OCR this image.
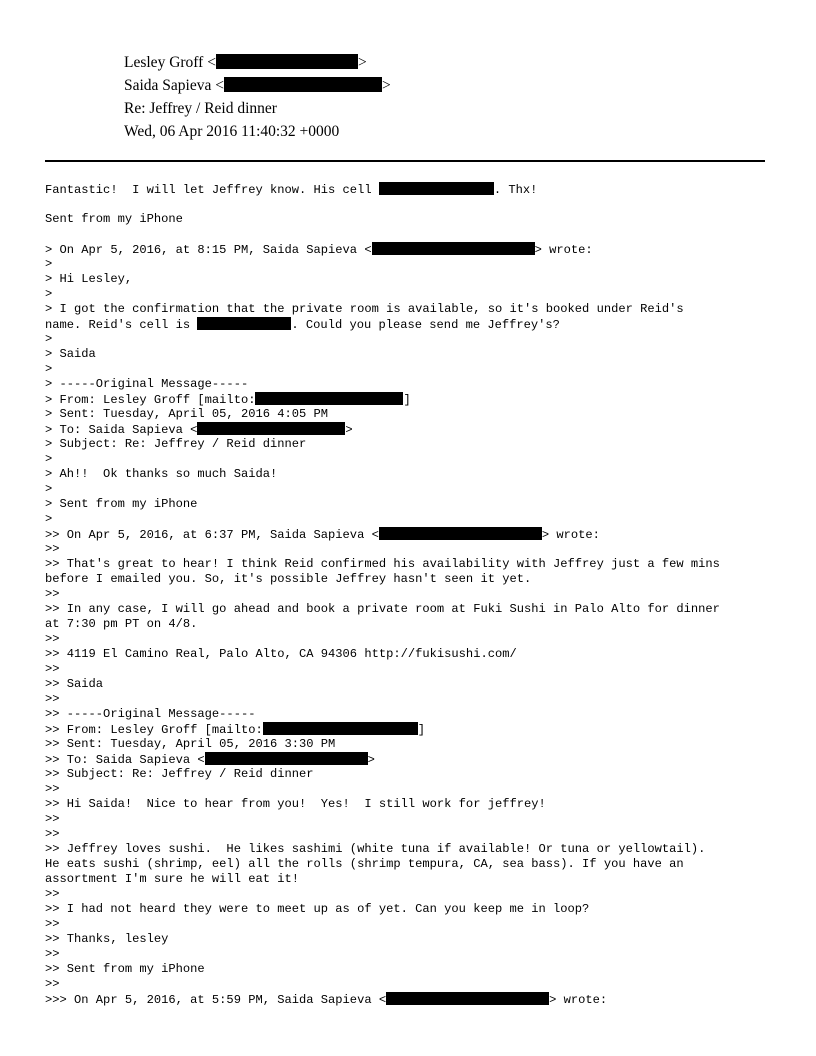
Lesley Groff <	>
Saida Sapieva <	>
Re: Jeffrey / Reid dinner
Wed, 06 Apr 2016 11:40:32 +0000
Fantastic!  I will let Jeffrey know. His cell	. Thx!
Sent from my iPhone
> On Apr 5, 2016, at 8:15 PM, Saida Sapieva <	> wrote:
>
> Hi Lesley,
>
> I got the confirmation that the private room is available, so it's booked under Reid's
name. Reid's cell is	. Could you please send me Jeffrey's?
>
> Saida
>
> -----Original Message-----
> From: Lesley Groff [mailto:	]
> Sent: Tuesday, April 05, 2016 4:05 PM
> To: Saida Sapieva <	>
> Subject: Re: Jeffrey / Reid dinner
>
> Ah!!  Ok thanks so much Saida!
>
> Sent from my iPhone
>
>> On Apr 5, 2016, at 6:37 PM, Saida Sapieva <	> wrote:
>>
>> That's great to hear! I think Reid confirmed his availability with Jeffrey just a few mins
before I emailed you. So, it's possible Jeffrey hasn't seen it yet.
>>
>> In any case, I will go ahead and book a private room at Fuki Sushi in Palo Alto for dinner
at 7:30 pm PT on 4/8.
>>
>> 4119 El Camino Real, Palo Alto, CA 94306 http://fukisushi.com/
>>
>> Saida
>>
>> -----Original Message-----
>> From: Lesley Groff [mailto:	]
>> Sent: Tuesday, April 05, 2016 3:30 PM
>> To: Saida Sapieva <	>
>> Subject: Re: Jeffrey / Reid dinner
>>
>> Hi Saida!  Nice to hear from you!  Yes!  I still work for jeffrey!
>>
>>
>> Jeffrey loves sushi.  He likes sashimi (white tuna if available! Or tuna or yellowtail).
He eats sushi (shrimp, eel) all the rolls (shrimp tempura, CA, sea bass). If you have an
assortment I'm sure he will eat it!
>>
>> I had not heard they were to meet up as of yet. Can you keep me in loop?
>>
>> Thanks, lesley
>>
>> Sent from my iPhone
>>
>>> On Apr 5, 2016, at 5:59 PM, Saida Sapieva <	> wrote:
